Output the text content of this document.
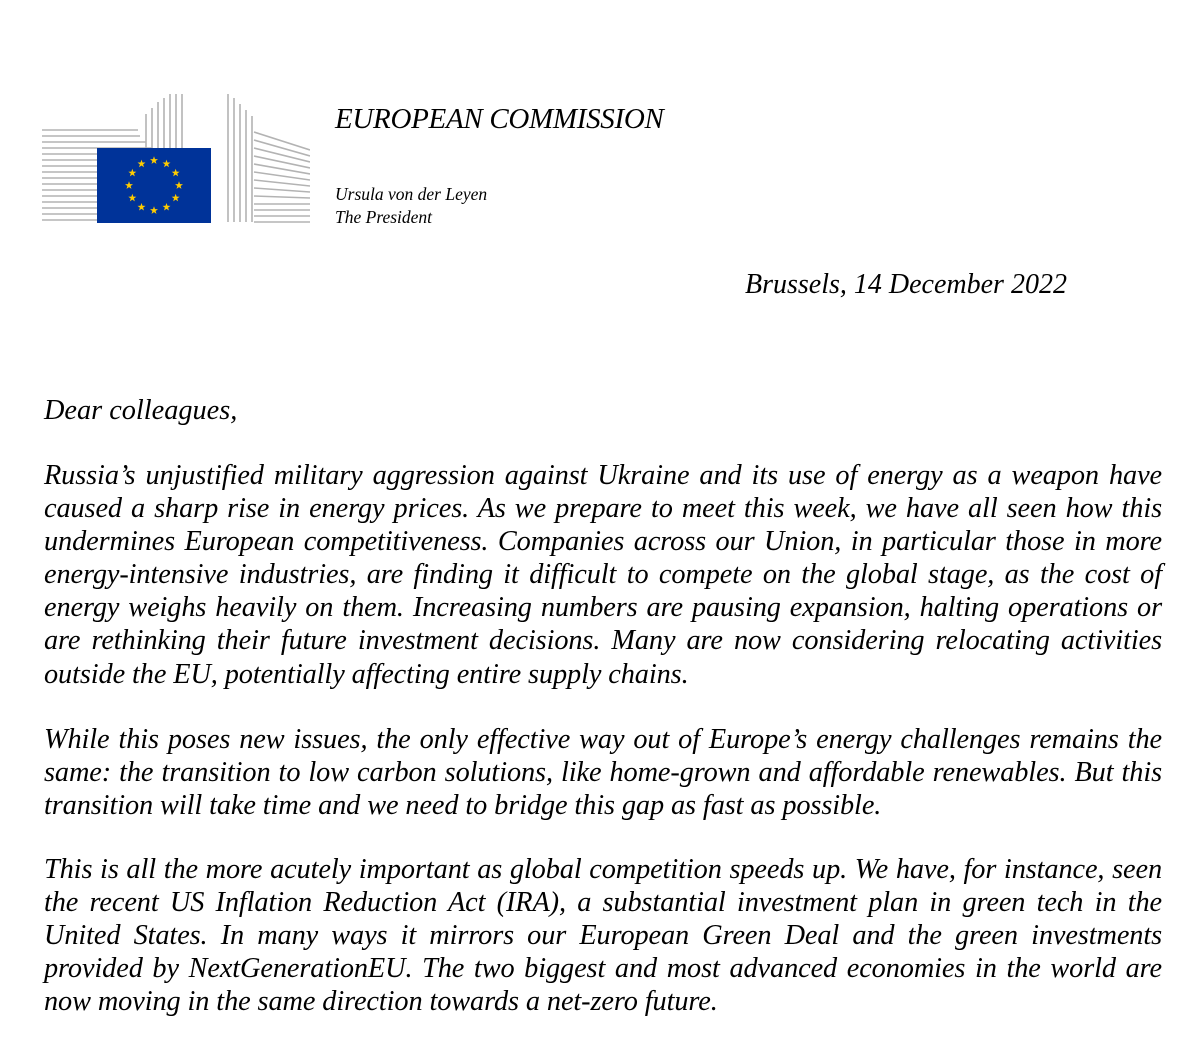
EUROPEAN COMMISSION
Ursula von der Leyen
The President
Brussels, 14 December 2022
Dear colleagues,

Russia’s unjustified military aggression against Ukraine and its use of energy as a weapon have caused a sharp rise in energy prices. As we prepare to meet this week, we have all seen how this undermines European competitiveness. Companies across our Union, in particular those in more energy-intensive industries, are finding it difficult to compete on the global stage, as the cost of energy weighs heavily on them. Increasing numbers are pausing expansion, halting operations or are rethinking their future investment decisions. Many are now considering relocating activities outside the EU, potentially affecting entire supply chains.

While this poses new issues, the only effective way out of Europe’s energy challenges remains the same: the transition to low carbon solutions, like home-grown and affordable renewables. But this transition will take time and we need to bridge this gap as fast as possible.

This is all the more acutely important as global competition speeds up. We have, for instance, seen the recent US Inflation Reduction Act (IRA), a substantial investment plan in green tech in the United States. In many ways it mirrors our European Green Deal and the green investments provided by NextGenerationEU. The two biggest and most advanced economies in the world are now moving in the same direction towards a net-zero future.
